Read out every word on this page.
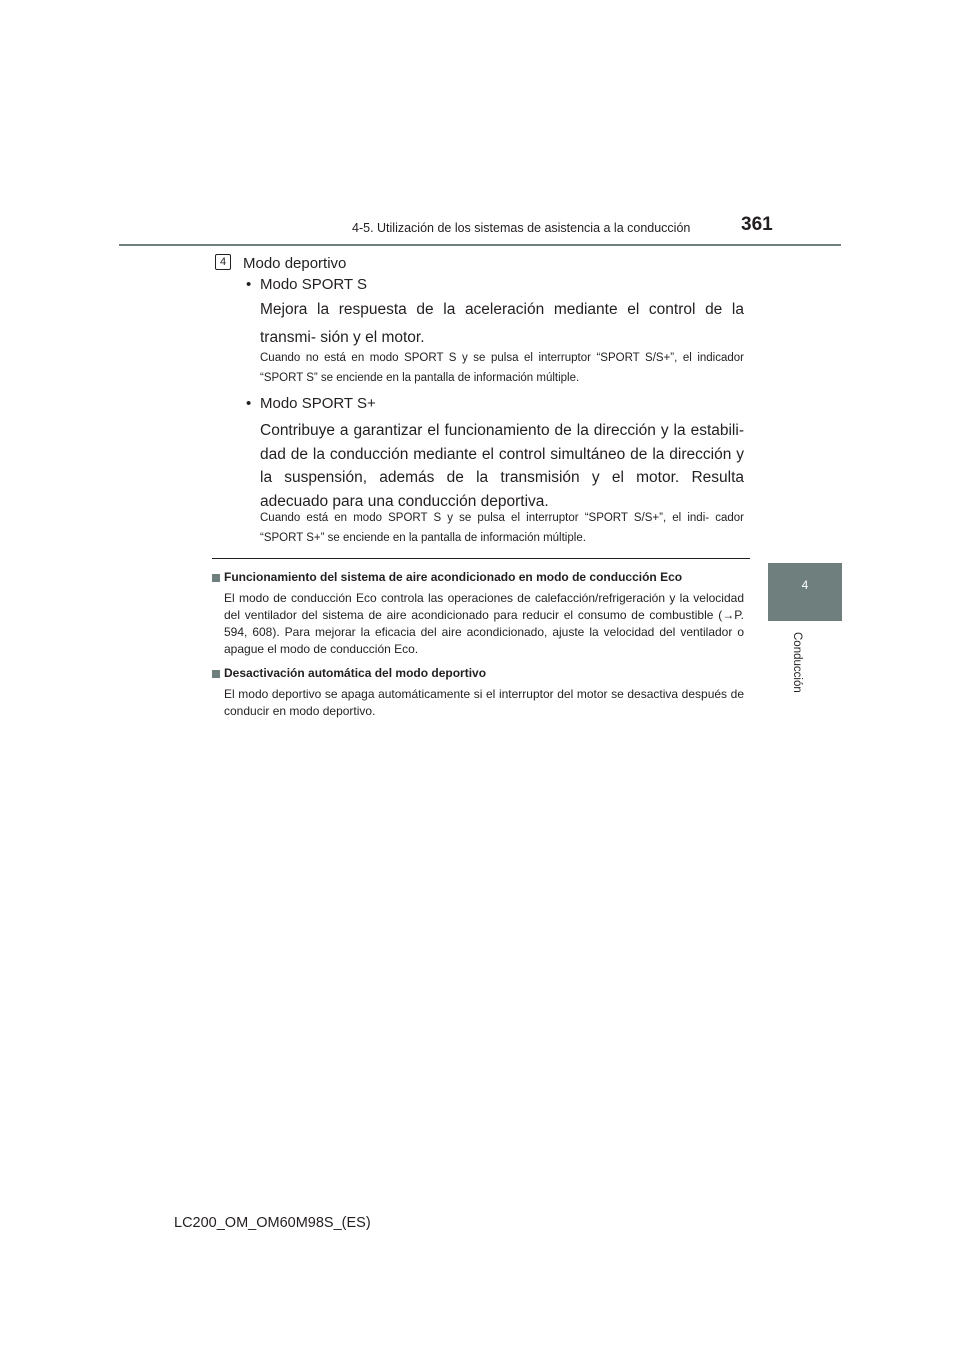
4-5. Utilización de los sistemas de asistencia a la conducción	361
4
Conducción
4	Modo deportivo
• Modo SPORT S
Mejora la respuesta de la aceleración mediante el control de la transmi- sión y el motor.
Cuando no está en modo SPORT S y se pulsa el interruptor “SPORT S/S+”, el indicador “SPORT S” se enciende en la pantalla de información múltiple.
• Modo SPORT S+
Contribuye a garantizar el funcionamiento de la dirección y la estabili- dad de la conducción mediante el control simultáneo de la dirección y la suspensión, además de la transmisión y el motor. Resulta adecuado para una conducción deportiva.
Cuando está en modo SPORT S y se pulsa el interruptor “SPORT S/S+”, el indi- cador “SPORT S+” se enciende en la pantalla de información múltiple.
Funcionamiento del sistema de aire acondicionado en modo de conducción Eco
El modo de conducción Eco controla las operaciones de calefacción/refrigeración y la velocidad del ventilador del sistema de aire acondicionado para reducir el consumo de combustible (→P. 594, 608). Para mejorar la eficacia del aire acondicionado, ajuste la velocidad del ventilador o apague el modo de conducción Eco.
Desactivación automática del modo deportivo
El modo deportivo se apaga automáticamente si el interruptor del motor se desactiva después de conducir en modo deportivo.
LC200_OM_OM60M98S_(ES)
